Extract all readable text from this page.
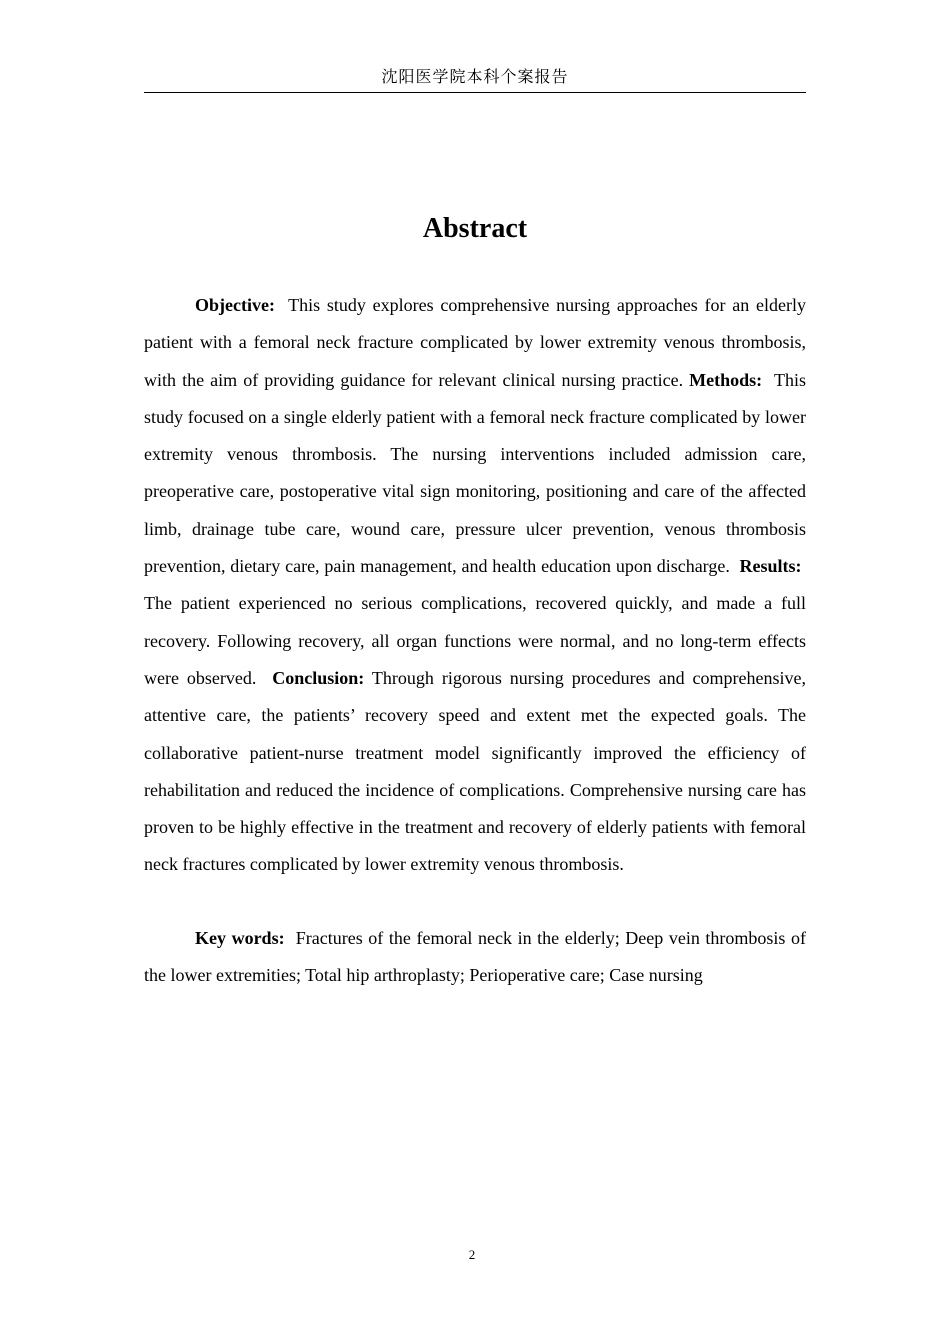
沈阳医学院本科个案报告
Abstract

Objective: This study explores comprehensive nursing approaches for an elderly patient with a femoral neck fracture complicated by lower extremity venous thrombosis, with the aim of providing guidance for relevant clinical nursing practice. Methods: This study focused on a single elderly patient with a femoral neck fracture complicated by lower extremity venous thrombosis. The nursing interventions included admission care, preoperative care, postoperative vital sign monitoring, positioning and care of the affected limb, drainage tube care, wound care, pressure ulcer prevention, venous thrombosis prevention, dietary care, pain management, and health education upon discharge. Results:  The patient experienced no serious complications, recovered quickly, and made a full recovery. Following recovery, all organ functions were normal, and no long-term effects were observed. Conclusion: Through rigorous nursing procedures and comprehensive, attentive care, the patients’ recovery speed and extent met the expected goals. The collaborative patient-nurse treatment model significantly improved the efficiency of rehabilitation and reduced the incidence of complications. Comprehensive nursing care has proven to be highly effective in the treatment and recovery of elderly patients with femoral neck fractures complicated by lower extremity venous thrombosis.

Key words: Fractures of the femoral neck in the elderly; Deep vein thrombosis of the lower extremities; Total hip arthroplasty; Perioperative care; Case nursing

2
